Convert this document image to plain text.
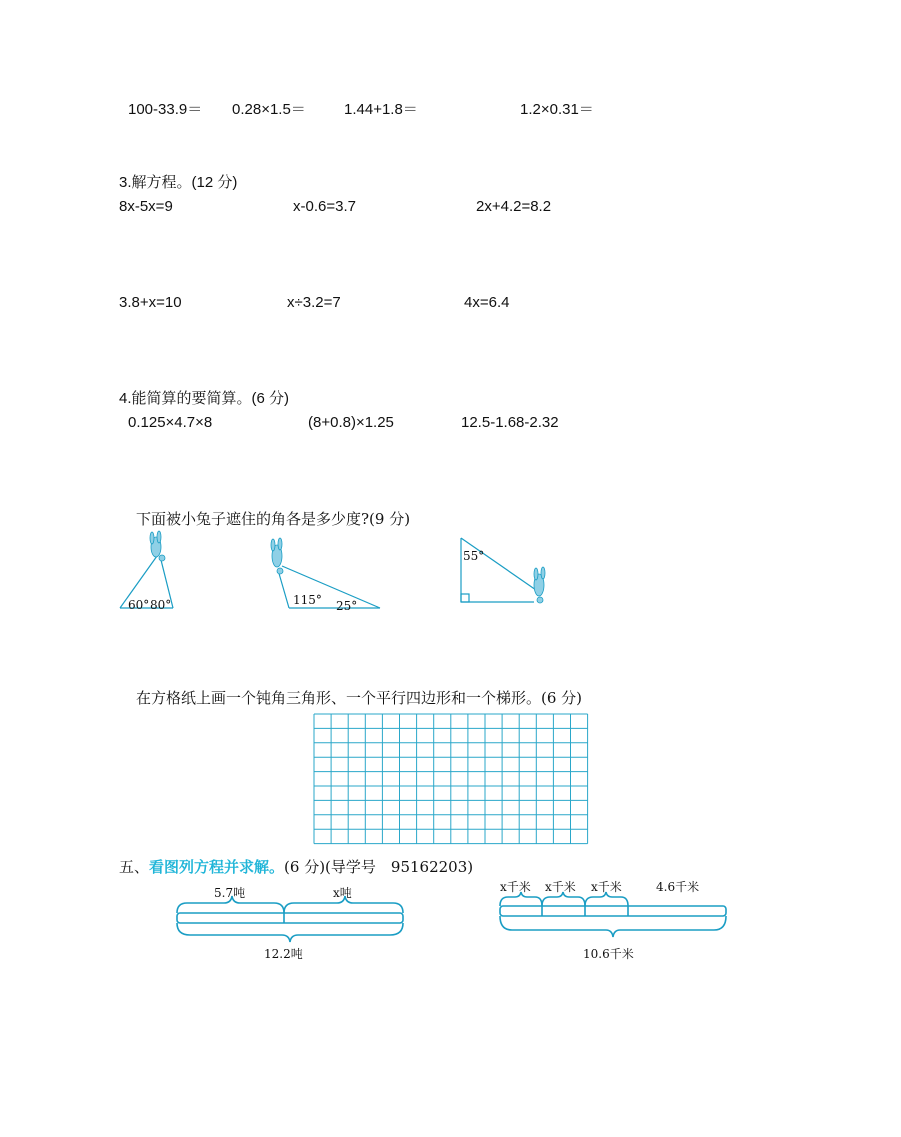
100-33.9＝ 0.28×1.5＝	1.44+1.8＝	1.2×0.31＝
3.解方程。(12 分)
8x-5x=9	x-0.6=3.7	2x+4.2=8.2
3.8+x=10	x÷3.2=7	4x=6.4
4.能简算的要简算。(6 分)
0.125×4.7×8	(8+0.8)×1.25	12.5-1.68-2.32
下面被小兔子遮住的角各是多少度?(9 分)
60° 80°	115° 25°
55°
在方格纸上画一个钝角三角形、一个平行四边形和一个梯形。(6 分)
五、看图列方程并求解。(6 分)(导学号　95162203)
5.7吨	x吨
12.2吨
x千米 x千米 x千米	4.6千米
10.6千米
